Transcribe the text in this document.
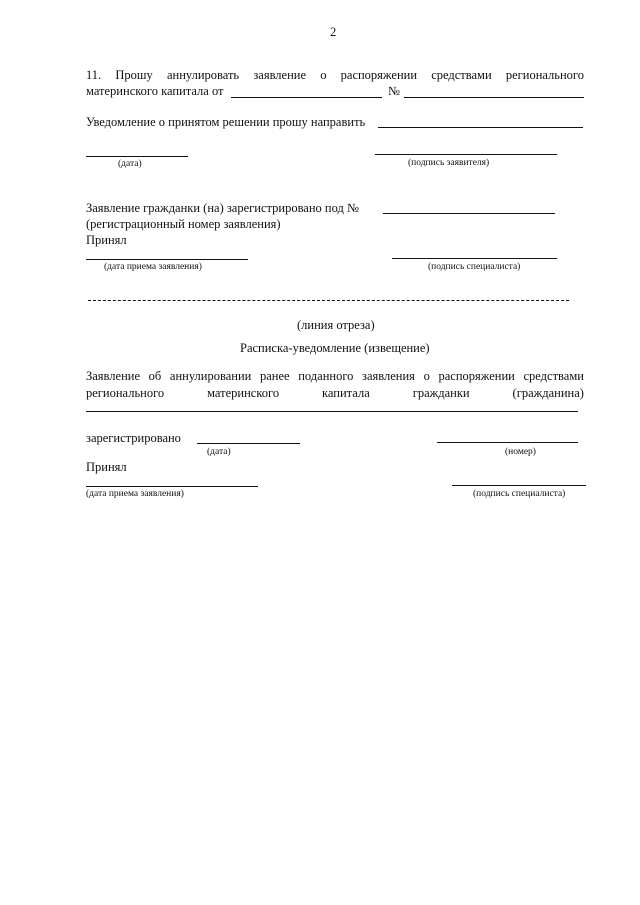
2
11. Прошу аннулировать заявление о распоряжении средствами регионального
материнского капитала от	№
Уведомление о принятом решении прошу направить
(дата)	(подпись заявителя)
Заявление гражданки (на) зарегистрировано под №
(регистрационный номер заявления)
Принял
(дата приема заявления)	(подпись специалиста)
(линия отреза)
Расписка-уведомление (извещение)
Заявление об аннулировании ранее поданного заявления о распоряжении средствами
регионального	материнского	капитала	гражданки	(гражданина)
зарегистрировано
(дата)	(номер)
Принял
(дата приема заявления)	(подпись специалиста)
